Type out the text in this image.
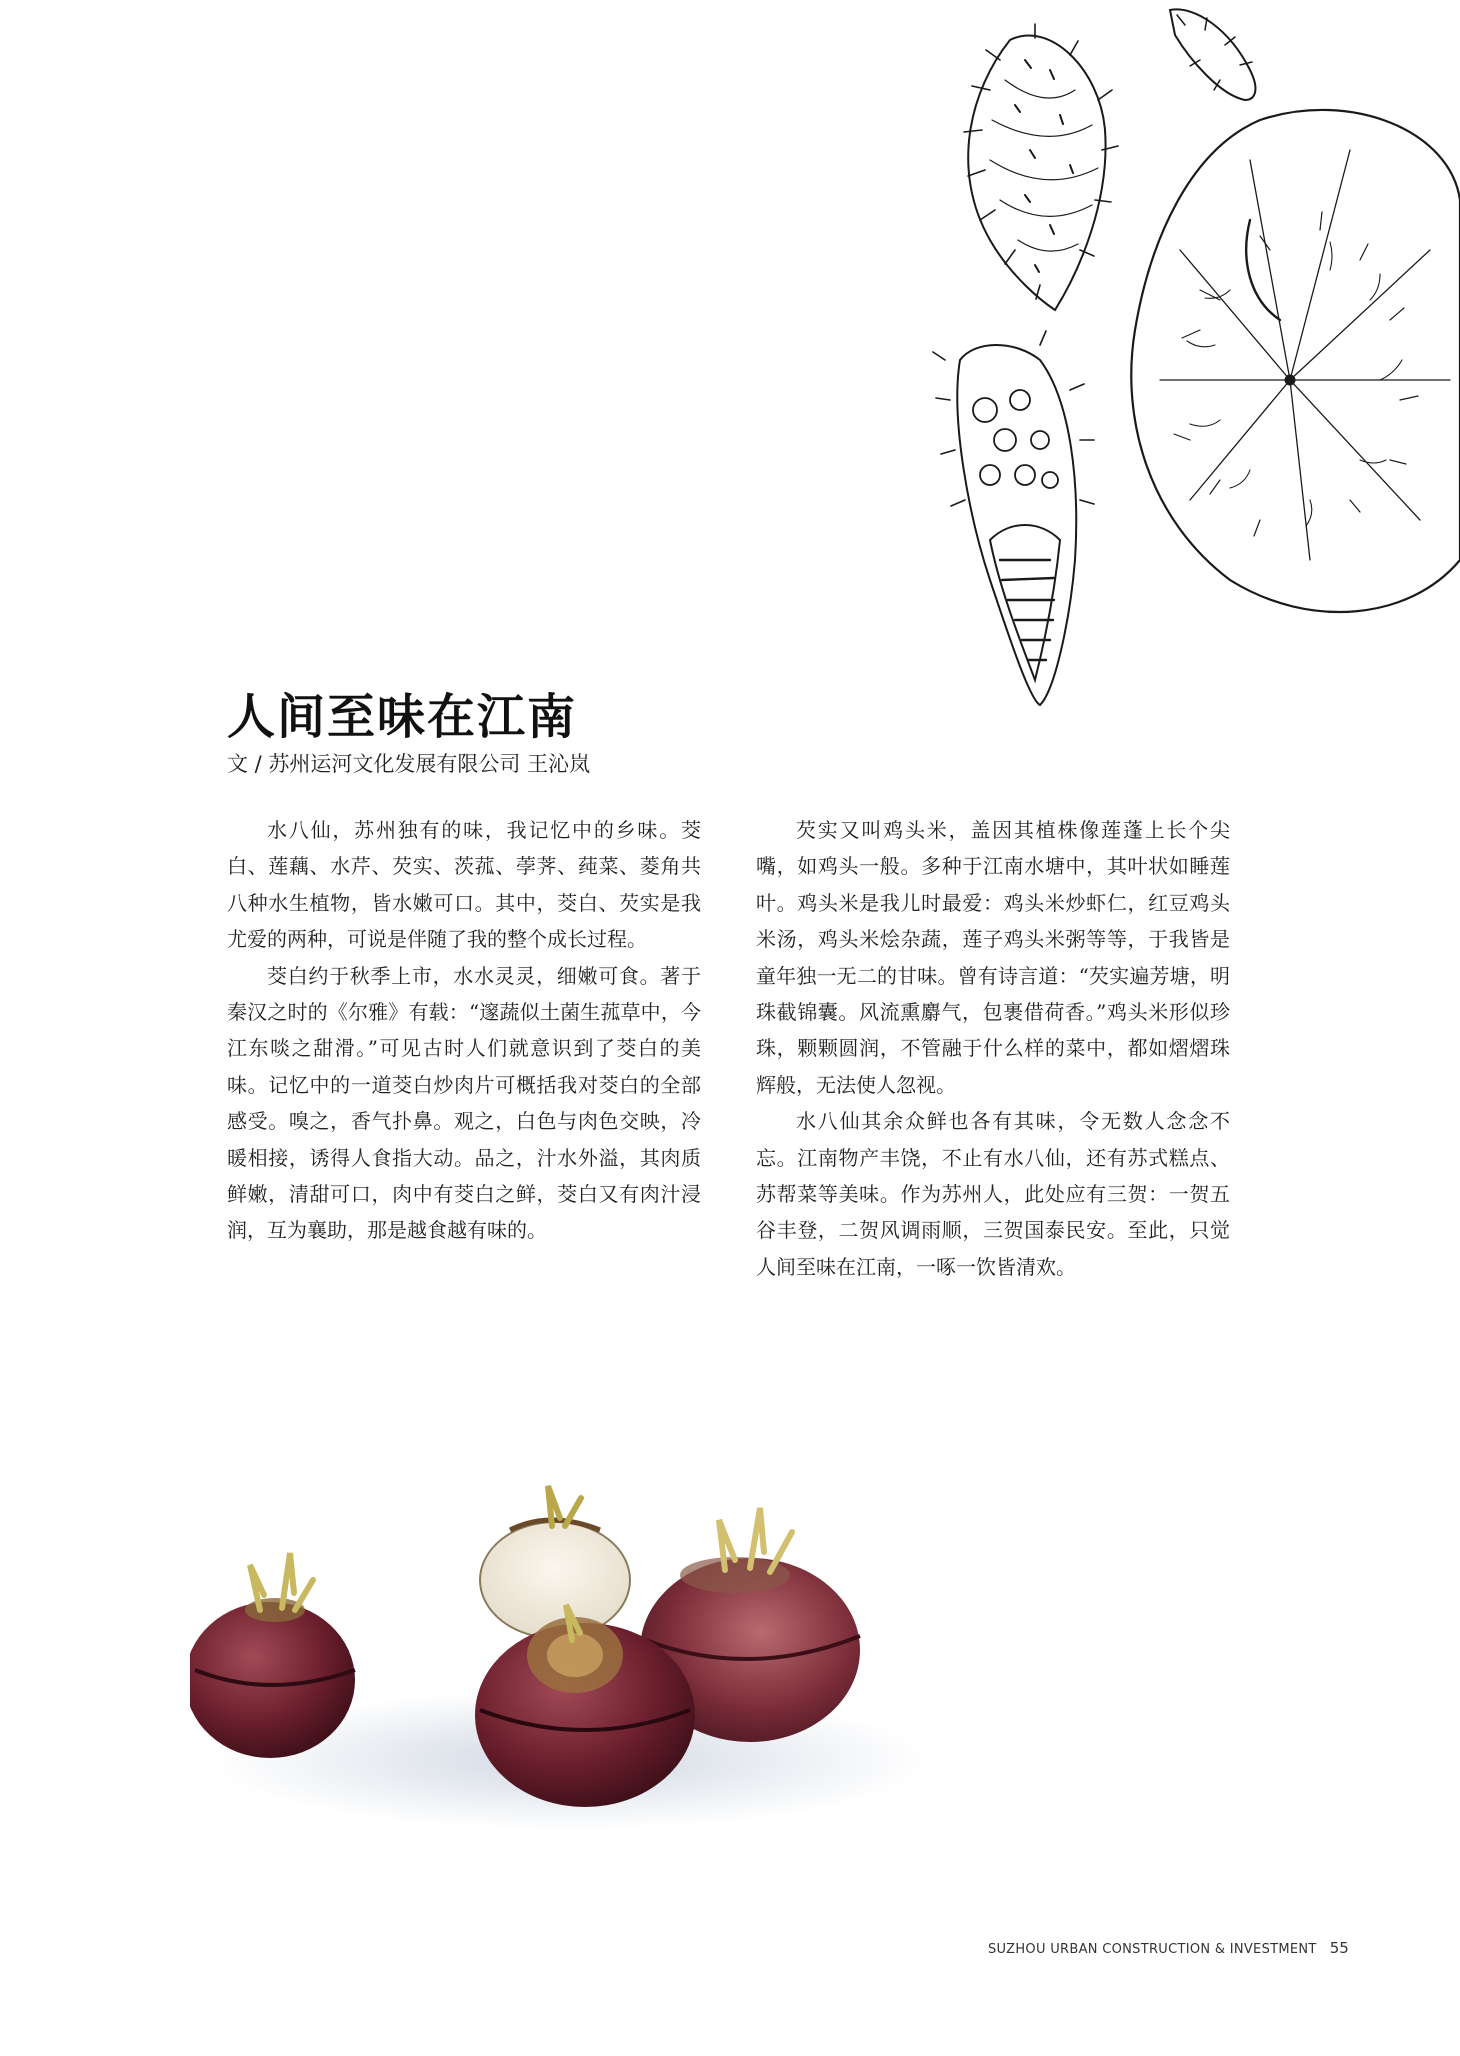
人间至味在江南
文 / 苏州运河文化发展有限公司 王沁岚

水八仙，苏州独有的味，我记忆中的乡味。茭白、莲藕、水芹、芡实、茨菰、荸荠、莼菜、菱角共八种水生植物，皆水嫩可口。其中，茭白、芡实是我尤爱的两种，可说是伴随了我的整个成长过程。

茭白约于秋季上市，水水灵灵，细嫩可食。著于秦汉之时的《尔雅》有载：“邃蔬似土菌生菰草中，今江东啖之甜滑。”可见古时人们就意识到了茭白的美味。记忆中的一道茭白炒肉片可概括我对茭白的全部感受。嗅之，香气扑鼻。观之，白色与肉色交映，冷暖相接，诱得人食指大动。品之，汁水外溢，其肉质鲜嫩，清甜可口，肉中有茭白之鲜，茭白又有肉汁浸润，互为襄助，那是越食越有味的。

芡实又叫鸡头米，盖因其植株像莲蓬上长个尖嘴，如鸡头一般。多种于江南水塘中，其叶状如睡莲叶。鸡头米是我儿时最爱：鸡头米炒虾仁，红豆鸡头米汤，鸡头米烩杂蔬，莲子鸡头米粥等等，于我皆是童年独一无二的甘味。曾有诗言道：“芡实遍芳塘，明珠截锦囊。风流熏麝气，包裹借荷香。”鸡头米形似珍珠，颗颗圆润，不管融于什么样的菜中，都如熠熠珠辉般，无法使人忽视。

水八仙其余众鲜也各有其味，令无数人念念不忘。江南物产丰饶，不止有水八仙，还有苏式糕点、苏帮菜等美味。作为苏州人，此处应有三贺：一贺五谷丰登，二贺风调雨顺，三贺国泰民安。至此，只觉人间至味在江南，一啄一饮皆清欢。

SUZHOU URBAN CONSTRUCTION & INVESTMENT 55
